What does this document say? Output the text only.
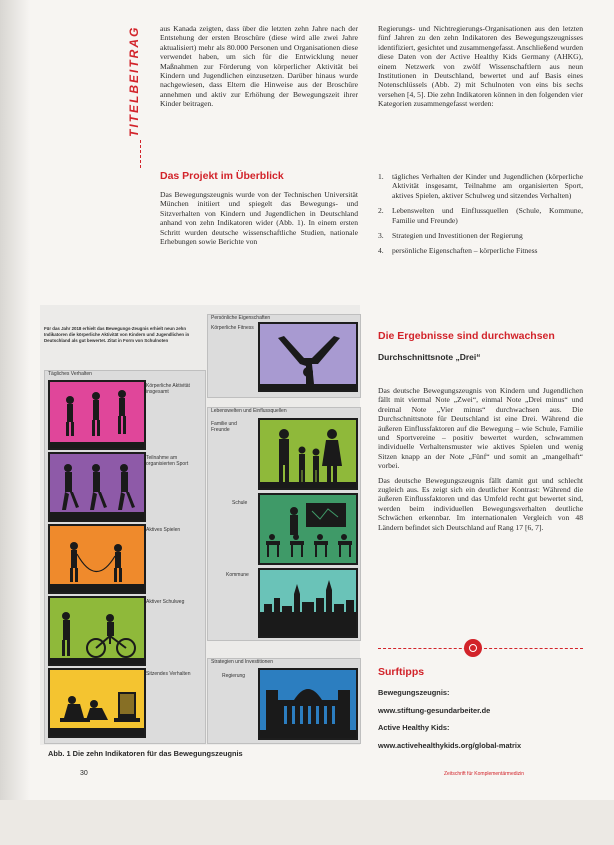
TITELBEITRAG	aus Kanada zeigten, dass über die letzten zehn Jahre nach der Entstehung der ersten Broschüre (diese wird alle zwei Jahre aktualisiert) mehr als 80.000 Personen und Organisationen diese verwendet haben, um sich für die Entwicklung neuer Maßnahmen zur Förderung von körperlicher Aktivität bei Kindern und Jugendlichen einzusetzen. Darüber hinaus wurde nachgewiesen, dass Eltern die Hinweise aus der Broschüre annehmen und aktiv zur Erhöhung der Bewegungszeit ihrer Kinder beitragen.

Das Projekt im Überblick

Das Bewegungszeugnis wurde von der Technischen Universität München initiiert und spiegelt das Bewegungs- und Sitzverhalten von Kindern und Jugendlichen in Deutschland anhand von zehn Indikatoren wider (Abb. 1). In einem ersten Schritt wurden deutsche wissenschaftliche Studien, nationale Erhebungen sowie Berichte von

Regierungs- und Nichtregierungs-Organisationen aus den letzten fünf Jahren zu den zehn Indikatoren des Bewegungszeugnisses identifiziert, gesichtet und zusammengefasst. Anschließend wurden diese Daten von der Active Healthy Kids Germany (AHKG), einem Netzwerk von zwölf Wissenschaftlern aus neun Institutionen in Deutschland, bewertet und auf Basis eines Notenschlüssels (Abb. 2) mit Schulnoten von eins bis sechs versehen [4, 5]. Die zehn Indikatoren können in den folgenden vier Kategorien zusammengefasst werden:

1. tägliches Verhalten der Kinder und Jugendlichen (körperliche Aktivität insgesamt, Teilnahme am organisierten Sport, aktives Spielen, aktiver Schulweg und sitzendes Verhalten)
2. Lebenswelten und Einflussquellen (Schule, Kommune, Familie und Freunde)
3. Strategien und Investitionen der Regierung
4. persönliche Eigenschaften – körperliche Fitness
Die Ergebnisse sind durchwachsen
Durchschnittsnote „Drei“

Das deutsche Bewegungszeugnis von Kindern und Jugendlichen fällt mit viermal Note „Zwei“, einmal Note „Drei minus“ und dreimal Note „Vier minus“ durchwachsen aus. Die Durchschnittsnote für Deutschland ist eine Drei. Während die äußeren Einflussfaktoren auf die Bewegung – wie Schule, Familie und Sportvereine – positiv bewertet wurden, schwammen individuelle Verhaltensmuster wie aktives Spielen und wenig Sitzen knapp an der Note „Fünf“ und somit an „mangelhaft“ vorbei.

Das deutsche Bewegungszeugnis fällt damit gut und schlecht zugleich aus. Es zeigt sich ein deutlicher Kontrast: Während die äußeren Einflussfaktoren und das Umfeld recht gut bewertet sind, werden beim individuellen Bewegungsverhalten deutliche Schwächen erkennbar. Im internationalen Vergleich von 48 Ländern befindet sich Deutschland auf Rang 17 [6, 7].

Surftipps
Bewegungszeugnis:
www.stiftung-gesundarbeiter.de
Active Healthy Kids:
www.activehealthykids.org/global-matrix
Für das Jahr 2018 erhielt das Bewegungs-Zeugnis erhielt neun zehn Indikatoren die körperliche Aktivität von Kindern und Jugendlichen in Deutschland als gut bewertet. Zitat in Form von Schulnoten
Tägliches Verhalten
Körperliche Aktivität insgesamt
Teilnahme am organisierten Sport
Aktives Spielen
Aktiver Schulweg
Sitzendes Verhalten
Persönliche Eigenschaften
Körperliche Fitness
Lebenswelten und Einflussquellen
Familie und Freunde
Schule
Kommune
Strategien und Investitionen
Regierung
Abb. 1 Die zehn Indikatoren für das Bewegungszeugnis
30	Zeitschrift für Komplementärmedizin
